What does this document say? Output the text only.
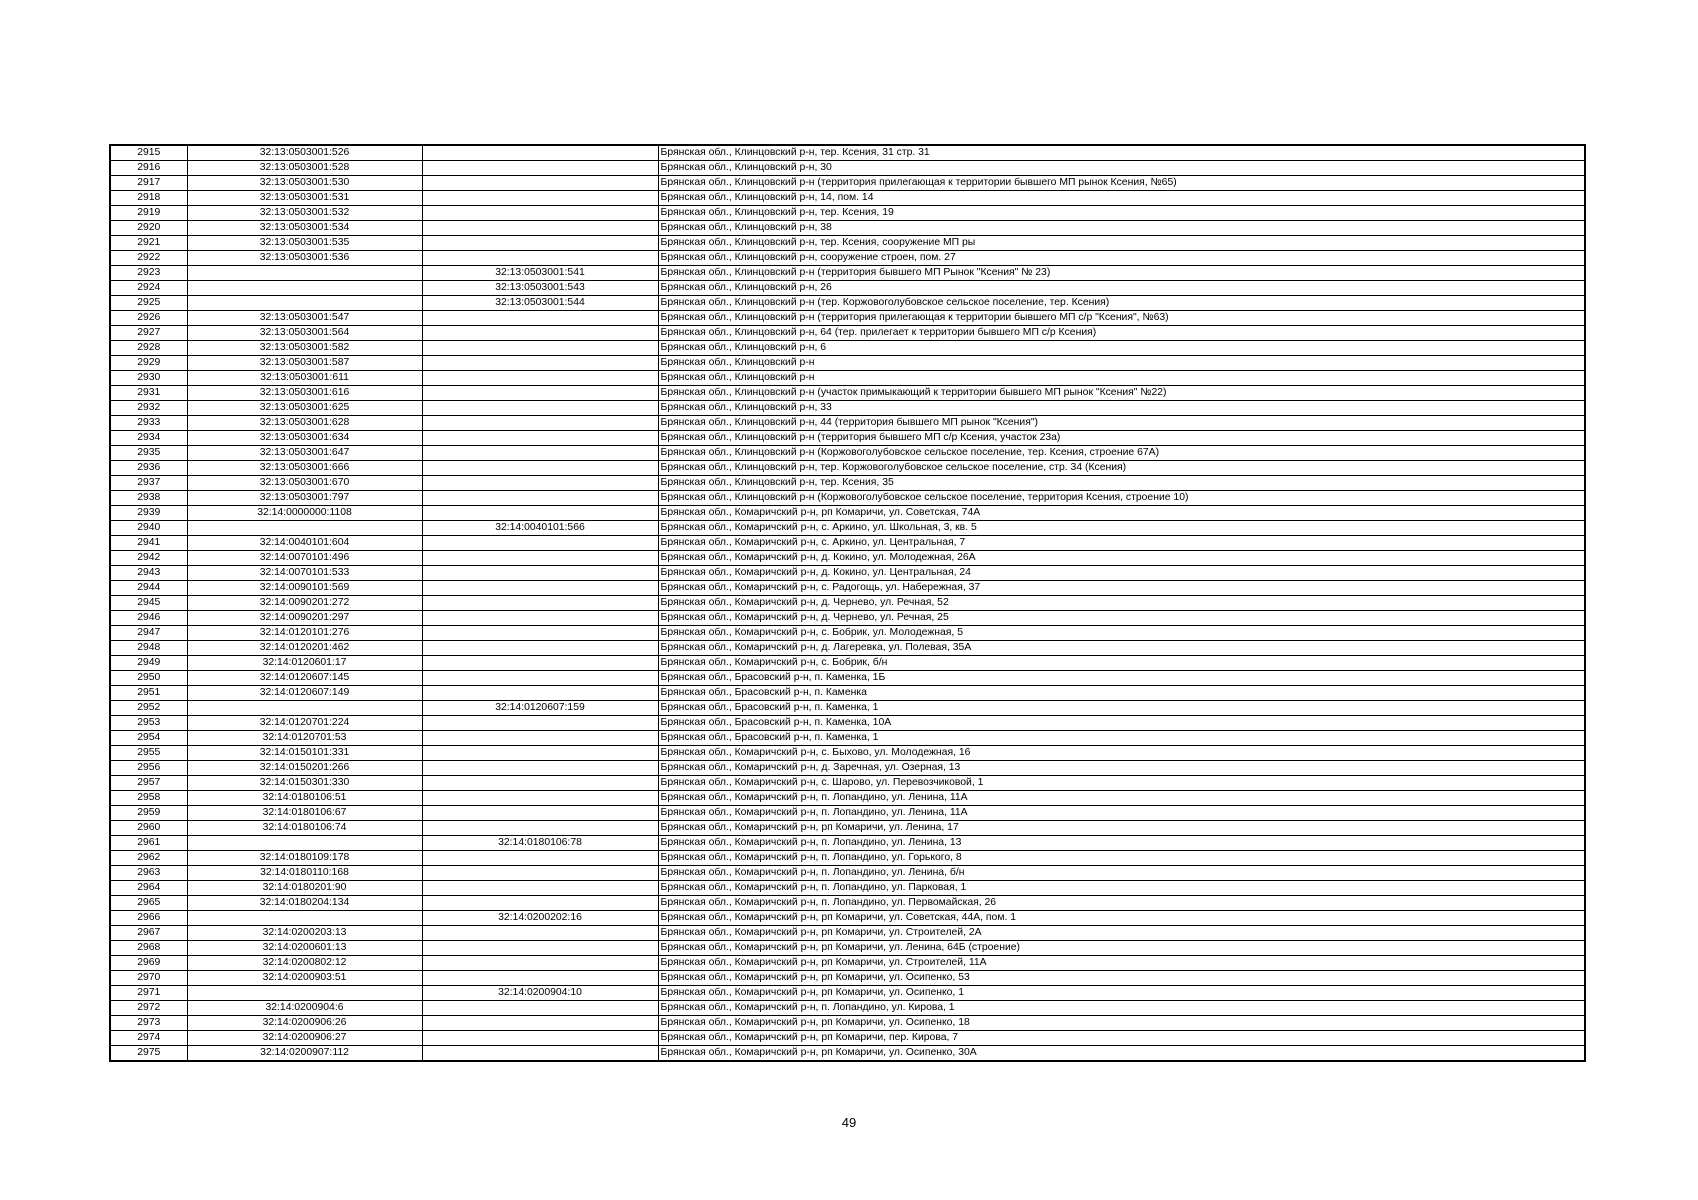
2915	32:13:0503001:526		Брянская обл., Клинцовский р-н, тер. Ксения, 31 стр. 31
2916	32:13:0503001:528		Брянская обл., Клинцовский р-н, 30
2917	32:13:0503001:530		Брянская обл., Клинцовский р-н (территория прилегающая к территории бывшего МП рынок Ксения, №65)
2918	32:13:0503001:531		Брянская обл., Клинцовский р-н, 14, пом. 14
2919	32:13:0503001:532		Брянская обл., Клинцовский р-н, тер. Ксения, 19
2920	32:13:0503001:534		Брянская обл., Клинцовский р-н, 38
2921	32:13:0503001:535		Брянская обл., Клинцовский р-н, тер. Ксения, сооружение МП ры
2922	32:13:0503001:536		Брянская обл., Клинцовский р-н, сооружение строен, пом. 27
2923		32:13:0503001:541	Брянская обл., Клинцовский р-н (территория бывшего МП Рынок "Ксения" № 23)
2924		32:13:0503001:543	Брянская обл., Клинцовский р-н, 26
2925		32:13:0503001:544	Брянская обл., Клинцовский р-н (тер. Коржовоголубовское сельское поселение, тер. Ксения)
2926	32:13:0503001:547		Брянская обл., Клинцовский р-н (территория прилегающая к территории бывшего МП с/р "Ксения", №63)
2927	32:13:0503001:564		Брянская обл., Клинцовский р-н, 64 (тер. прилегает к территории бывшего МП с/р Ксения)
2928	32:13:0503001:582		Брянская обл., Клинцовский р-н, 6
2929	32:13:0503001:587		Брянская обл., Клинцовский р-н
2930	32:13:0503001:611		Брянская обл., Клинцовский р-н
2931	32:13:0503001:616		Брянская обл., Клинцовский р-н (участок примыкающий к территории бывшего МП рынок "Ксения" №22)
2932	32:13:0503001:625		Брянская обл., Клинцовский р-н, 33
2933	32:13:0503001:628		Брянская обл., Клинцовский р-н, 44 (территория бывшего МП рынок "Ксения")
2934	32:13:0503001:634		Брянская обл., Клинцовский р-н (территория бывшего МП с/р Ксения, участок 23а)
2935	32:13:0503001:647		Брянская обл., Клинцовский р-н (Коржовоголубовское сельское поселение, тер. Ксения, строение 67А)
2936	32:13:0503001:666		Брянская обл., Клинцовский р-н, тер. Коржовоголубовское сельское поселение, стр. 34 (Ксения)
2937	32:13:0503001:670		Брянская обл., Клинцовский р-н, тер. Ксения, 35
2938	32:13:0503001:797		Брянская обл., Клинцовский р-н (Коржовоголубовское сельское поселение, территория Ксения, строение 10)
2939	32:14:0000000:1108		Брянская обл., Комаричский р-н, рп Комаричи, ул. Советская, 74А
2940		32:14:0040101:566	Брянская обл., Комаричский р-н, с. Аркино, ул. Школьная, 3, кв. 5
2941	32:14:0040101:604		Брянская обл., Комаричский р-н, с. Аркино, ул. Центральная, 7
2942	32:14:0070101:496		Брянская обл., Комаричский р-н, д. Кокино, ул. Молодежная, 26А
2943	32:14:0070101:533		Брянская обл., Комаричский р-н, д. Кокино, ул. Центральная, 24
2944	32:14:0090101:569		Брянская обл., Комаричский р-н, с. Радогощь, ул. Набережная, 37
2945	32:14:0090201:272		Брянская обл., Комаричский р-н, д. Чернево, ул. Речная, 52
2946	32:14:0090201:297		Брянская обл., Комаричский р-н, д. Чернево, ул. Речная, 25
2947	32:14:0120101:276		Брянская обл., Комаричский р-н, с. Бобрик, ул. Молодежная, 5
2948	32:14:0120201:462		Брянская обл., Комаричский р-н, д. Лагеревка, ул. Полевая, 35А
2949	32:14:0120601:17		Брянская обл., Комаричский р-н, с. Бобрик, б/н
2950	32:14:0120607:145		Брянская обл., Брасовский р-н, п. Каменка, 1Б
2951	32:14:0120607:149		Брянская обл., Брасовский р-н, п. Каменка
2952		32:14:0120607:159	Брянская обл., Брасовский р-н, п. Каменка, 1
2953	32:14:0120701:224		Брянская обл., Брасовский р-н, п. Каменка, 10А
2954	32:14:0120701:53		Брянская обл., Брасовский р-н, п. Каменка, 1
2955	32:14:0150101:331		Брянская обл., Комаричский р-н, с. Быхово, ул. Молодежная, 16
2956	32:14:0150201:266		Брянская обл., Комаричский р-н, д. Заречная, ул. Озерная, 13
2957	32:14:0150301:330		Брянская обл., Комаричский р-н, с. Шарово, ул. Перевозчиковой, 1
2958	32:14:0180106:51		Брянская обл., Комаричский р-н, п. Лопандино, ул. Ленина, 11А
2959	32:14:0180106:67		Брянская обл., Комаричский р-н, п. Лопандино, ул. Ленина, 11А
2960	32:14:0180106:74		Брянская обл., Комаричский р-н, рп Комаричи, ул. Ленина, 17
2961		32:14:0180106:78	Брянская обл., Комаричский р-н, п. Лопандино, ул. Ленина, 13
2962	32:14:0180109:178		Брянская обл., Комаричский р-н, п. Лопандино, ул. Горького, 8
2963	32:14:0180110:168		Брянская обл., Комаричский р-н, п. Лопандино, ул. Ленина, б/н
2964	32:14:0180201:90		Брянская обл., Комаричский р-н, п. Лопандино, ул. Парковая, 1
2965	32:14:0180204:134		Брянская обл., Комаричский р-н, п. Лопандино, ул. Первомайская, 26
2966		32:14:0200202:16	Брянская обл., Комаричский р-н, рп Комаричи, ул. Советская, 44А, пом. 1
2967	32:14:0200203:13		Брянская обл., Комаричский р-н, рп Комаричи, ул. Строителей, 2А
2968	32:14:0200601:13		Брянская обл., Комаричский р-н, рп Комаричи, ул. Ленина, 64Б (строение)
2969	32:14:0200802:12		Брянская обл., Комаричский р-н, рп Комаричи, ул. Строителей, 11А
2970	32:14:0200903:51		Брянская обл., Комаричский р-н, рп Комаричи, ул. Осипенко, 53
2971		32:14:0200904:10	Брянская обл., Комаричский р-н, рп Комаричи, ул. Осипенко, 1
2972	32:14:0200904:6		Брянская обл., Комаричский р-н, п. Лопандино, ул. Кирова, 1
2973	32:14:0200906:26		Брянская обл., Комаричский р-н, рп Комаричи, ул. Осипенко, 18
2974	32:14:0200906:27		Брянская обл., Комаричский р-н, рп Комаричи, пер. Кирова, 7
2975	32:14:0200907:112		Брянская обл., Комаричский р-н, рп Комаричи, ул. Осипенко, 30А
49
